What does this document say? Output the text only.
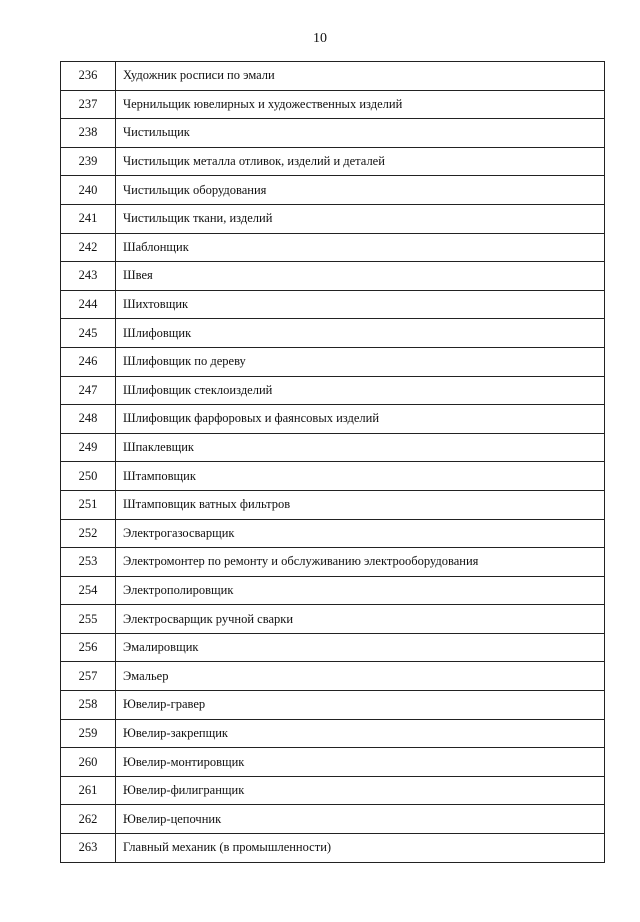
10
236	Художник росписи по эмали
237	Чернильщик ювелирных и художественных изделий
238	Чистильщик
239	Чистильщик металла отливок, изделий и деталей
240	Чистильщик оборудования
241	Чистильщик ткани, изделий
242	Шаблонщик
243	Швея
244	Шихтовщик
245	Шлифовщик
246	Шлифовщик по дереву
247	Шлифовщик стеклоизделий
248	Шлифовщик фарфоровых и фаянсовых изделий
249	Шпаклевщик
250	Штамповщик
251	Штамповщик ватных фильтров
252	Электрогазосварщик
253	Электромонтер по ремонту и обслуживанию электрооборудования
254	Электрополировщик
255	Электросварщик ручной сварки
256	Эмалировщик
257	Эмальер
258	Ювелир-гравер
259	Ювелир-закрепщик
260	Ювелир-монтировщик
261	Ювелир-филигранщик
262	Ювелир-цепочник
263	Главный механик (в промышленности)
